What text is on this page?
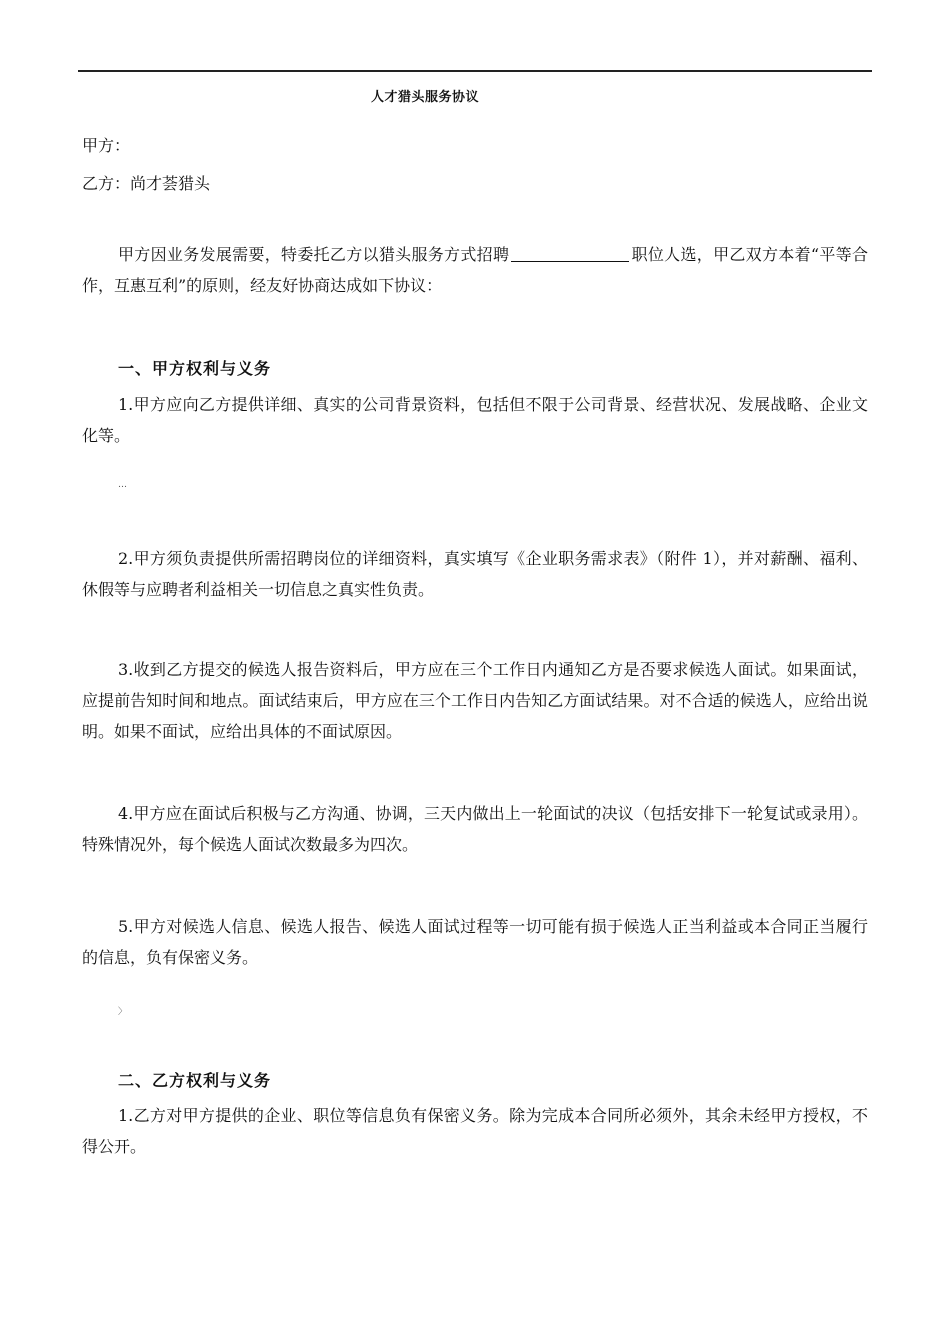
人才猎头服务协议
甲方：
乙方：尚才荟猎头
甲方因业务发展需要，特委托乙方以猎头服务方式招聘	职位人选，甲乙双方本着“平等合作，互惠互利”的原则，经友好协商达成如下协议：
一、甲方权利与义务
1.甲方应向乙方提供详细、真实的公司背景资料，包括但不限于公司背景、经营状况、发展战略、企业文化等。
…
2.甲方须负责提供所需招聘岗位的详细资料，真实填写《企业职务需求表》（附件 1），并对薪酬、福利、休假等与应聘者利益相关一切信息之真实性负责。
3.收到乙方提交的候选人报告资料后，甲方应在三个工作日内通知乙方是否要求候选人面试。如果面试，应提前告知时间和地点。面试结束后，甲方应在三个工作日内告知乙方面试结果。对不合适的候选人，应给出说明。如果不面试，应给出具体的不面试原因。
4.甲方应在面试后积极与乙方沟通、协调，三天内做出上一轮面试的决议（包括安排下一轮复试或录用）。特殊情况外，每个候选人面试次数最多为四次。
5.甲方对候选人信息、候选人报告、候选人面试过程等一切可能有损于候选人正当利益或本合同正当履行的信息，负有保密义务。
〉
二、乙方权利与义务
1.乙方对甲方提供的企业、职位等信息负有保密义务。除为完成本合同所必须外，其余未经甲方授权，不得公开。
